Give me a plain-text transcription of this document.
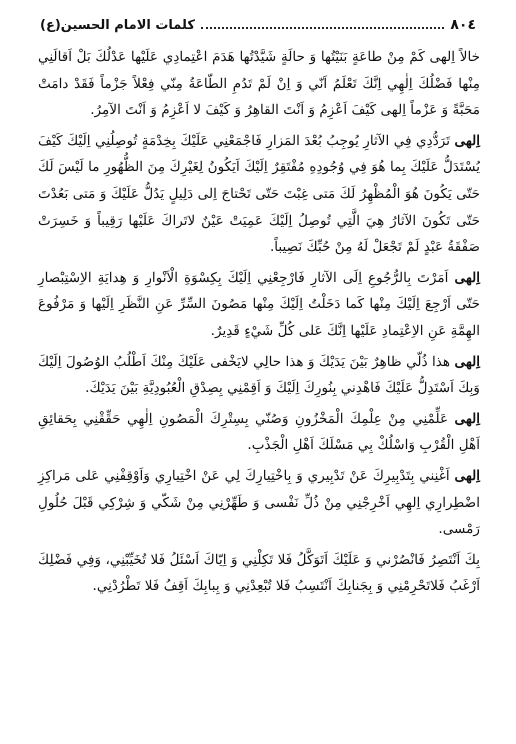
٨٠٤
كلمات الامام الحسين(ع)

خالاً اِلهى كَمْ مِنْ طاعَةٍ بَنَيْتُها وَ حالَةٍ شَيَّدْتُها هَدَمَ اعْتِمادِي عَلَيْها عَدْلُكَ بَلْ اَقالَنِي مِنْها فَضْلُكَ اِلٰهِي اِنَّكَ تَعْلَمُ اَنّي وَ اِنْ لَمْ تَدُمِ الطّاعَةُ مِنّي فِعْلاً جَزْماً فَقَدْ دامَتْ مَحَبَّةً وَ عَزْماً اِلهى كَيْفَ اَعْزِمُ وَ اَنْتَ القاهِرُ وَ كَيْفَ لا اَعْزِمُ وَ اَنْتَ الآمِرُ.

اِلهى تَرَدُّدِي فِي الآثارِ يُوجِبُ بُعْدَ المَزارِ فَاجْمَعْنِي عَلَيْكَ بِخِدْمَةٍ تُوصِلُنِي اِلَيْكَ كَيْفَ يُسْتَدَلُّ عَلَيْكَ بِما هُوَ فِي وُجُودِهِ مُفْتَقِرٌ اِلَيْكَ اَيَكُونُ لِغَيْرِكَ مِنَ الظُّهُورِ ما لَيْسَ لَكَ حَتّى يَكُونَ هُوَ الْمُظْهِرُ لَكَ مَتى غِبْتَ حَتّى تَحْتاجَ اِلى دَلِيلٍ يَدُلُّ عَلَيْكَ وَ مَتى بَعُدْتَ حَتّى تَكُونَ الآثارُ هِيَ الَّتِي تُوصِلُ اِلَيْكَ عَمِيَتْ عَيْنٌ لاتَراكَ عَلَيْها رَقِيباً وَ خَسِرَتْ صَفْقَةُ عَبْدٍ لَمْ تَجْعَلْ لَهُ مِنْ حُبِّكَ نَصِيباً.

اِلهى اَمَرْتَ بِالرُّجُوعِ اِلَى الآثارِ فَارْجِعْنِي اِلَيْكَ بِكِسْوَةِ الْاَنْوارِ وَ هِدايَةِ الاِسْتِبْصارِ حَتّى اَرْجِعَ اِلَيْكَ مِنْها كَما دَخَلْتُ اِلَيْكَ مِنْها مَصُونَ السِّرِّ عَنِ النَّظَرِ اِلَيْها وَ مَرْفُوعَ الهِمَّةِ عَنِ الاِعْتِمادِ عَلَيْها اِنَّكَ عَلى كُلِّ شَيْءٍ قَدِيرٌ.

اِلهى هذا ذُلّي ظاهِرٌ بَيْنَ يَدَيْكَ وَ هذا حالِي لايَخْفى عَلَيْكَ مِنْكَ اَطْلُبُ الوُصُولَ اِلَيْكَ وَبِكَ اَسْتَدِلُّ عَلَيْكَ فَاهْدِني بِنُورِكَ اِلَيْكَ وَ اَقِمْنِي بِصِدْقِ الْعُبُودِيَّةِ بَيْنَ يَدَيْكَ.

اِلهى عَلِّمْنِي مِنْ عِلْمِكَ الْمَخْزُونِ وَصُنّي بِسِتْرِكَ الْمَصُونِ اِلٰهِي حَقِّقْنِي بِحَقائِقِ اَهْلِ الْقُرْبِ وَاسْلُكْ بِي مَسْلَكَ اَهْلِ الْجَذْبِ.

اِلهى اَغْنِني بِتَدْبِيرِكَ عَنْ تَدْبِيري وَ بِاخْتِيارِكَ لِي عَنْ اخْتِيارِي وَاَوْقِفْنِي عَلى مَراكِزِ اضْطِرارِي اِلهِي اَخْرِجْنِي مِنْ ذُلِّ نَفْسى وَ طَهِّرْنِي مِنْ شَكّي وَ شِرْكِي قَبْلَ حُلُولِ رَمْسى.

بِكَ اَنْتَصِرُ فَانْصُرْني وَ عَلَيْكَ اَتَوَكَّلُ فَلا تَكِلْنِي وَ اِيّاكَ اَسْئَلُ فَلا تُخَيِّبْنِي، وَفِي فَضْلِكَ اَرْغَبُ فَلاتَحْرِمْنِي وَ بِجَنابِكَ اَنْتَسِبُ فَلا تُبْعِدْنِي وَ بِبابِكَ اَقِفُ فَلا تَطْرُدْنِي.
